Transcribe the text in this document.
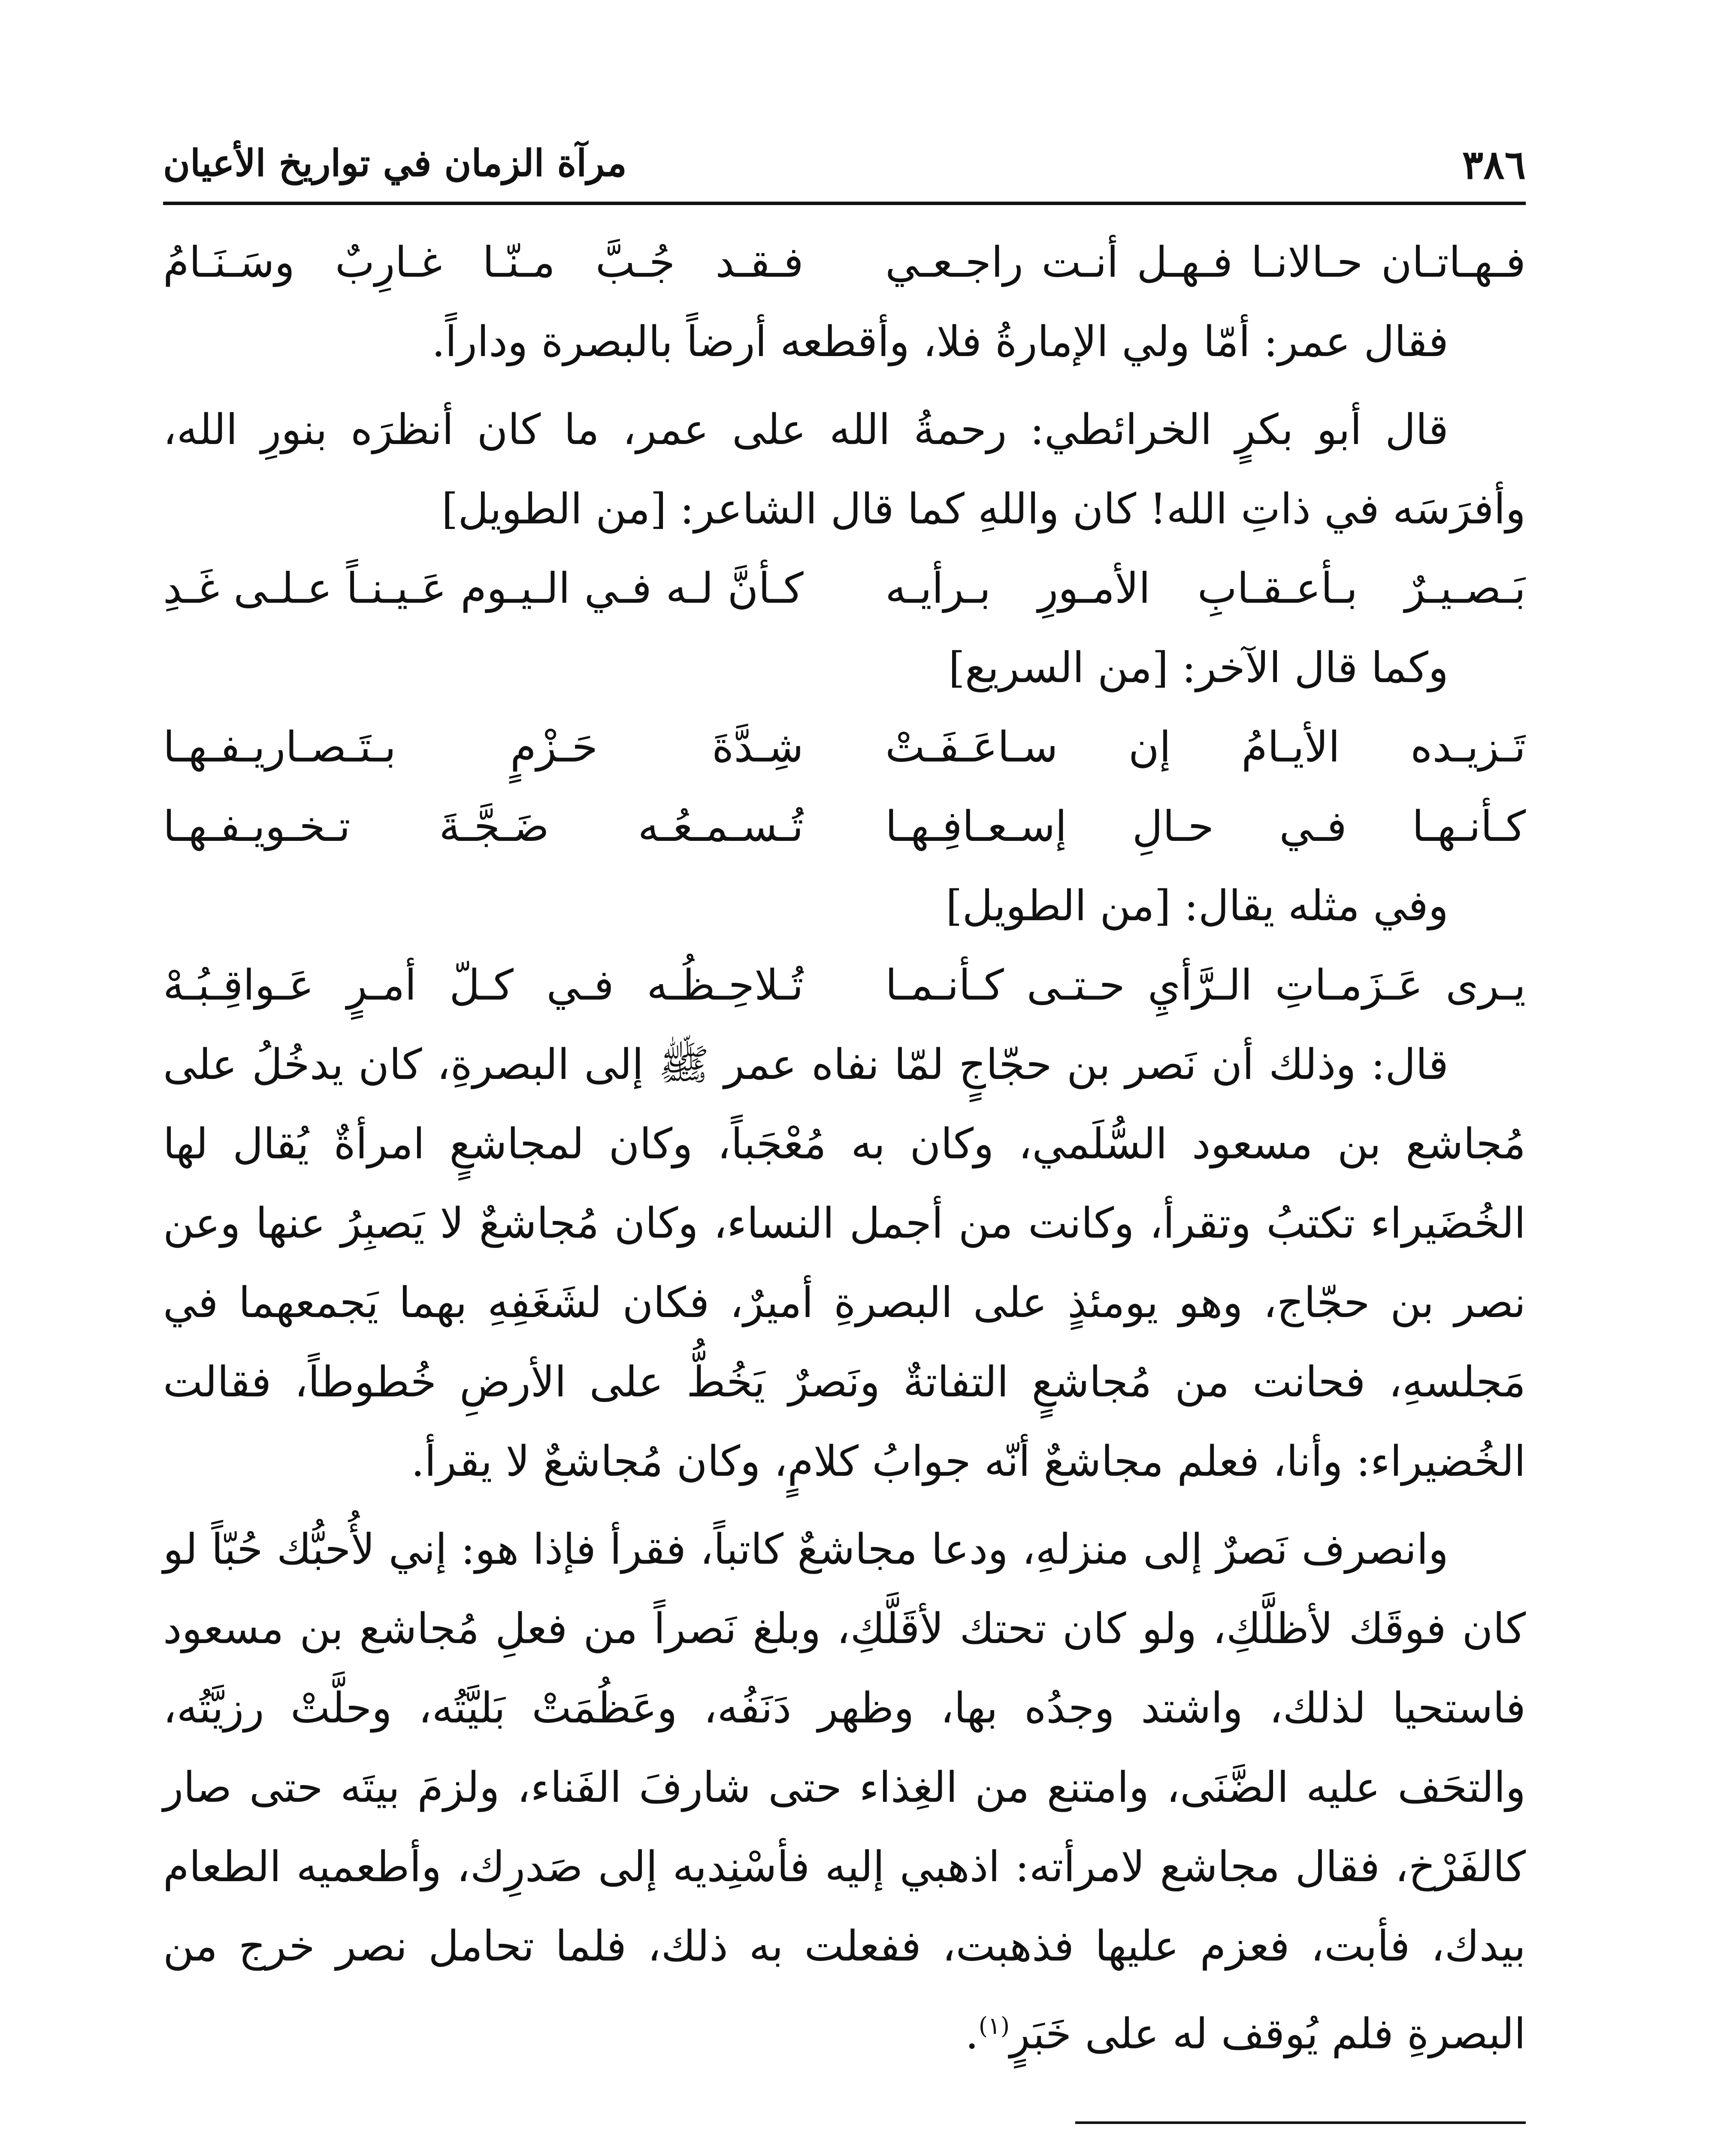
٣٨٦
مرآة الزمان في تواريخ الأعيان
فـهـاتـان حـالانـا فـهـل أنـت راجـعـي
فـقـد جُـبَّ مـنّـا غـارِبٌ وسَـنَـامُ

فقال عمر: أمّا ولي الإمارةُ فلا، وأقطعه أرضاً بالبصرة وداراً.

قال أبو بكرٍ الخرائطي: رحمةُ الله على عمر، ما كان أنظرَه بنورِ الله، وأفرَسَه في ذاتِ الله! كان واللهِ كما قال الشاعر: [من الطويل]

بَـصـيـرٌ بـأعـقـابِ الأمـورِ بـرأيـه
كـأنَّ لـه فـي الـيـوم عَـيـنـاً عـلـى غَـدِ

وكما قال الآخر: [من السريع]

تَـزيـده الأيـامُ إن سـاعَـفَـتْ
شِـدَّةَ حَـزْمٍ بـتَـصـاريـفـهـا
كـأنـهـا فـي حـالِ إسـعـافِـهـا
تُـسـمـعُـه ضَـجَّـةَ تـخـويـفـهـا

وفي مثله يقال: [من الطويل]

يـرى عَـزَمـاتِ الـرَّأيِ حـتـى كـأنـمـا
تُـلاحِـظُـه فـي كـلّ أمـرٍ عَـواقِـبُـهْ

قال: وذلك أن نَصر بن حجّاجٍ لمّا نفاه عمر ﷺ إلى البصرةِ، كان يدخُلُ على مُجاشع بن مسعود السُّلَمي، وكان به مُعْجَباً، وكان لمجاشعٍ امرأةٌ يُقال لها الخُضَيراء تكتبُ وتقرأ، وكانت من أجمل النساء، وكان مُجاشعٌ لا يَصبِرُ عنها وعن نصر بن حجّاج، وهو يومئذٍ على البصرةِ أميرٌ، فكان لشَغَفِهِ بهما يَجمعهما في مَجلسهِ، فحانت من مُجاشعٍ التفاتةٌ ونَصرٌ يَخُطُّ على الأرضِ خُطوطاً، فقالت الخُضيراء: وأنا، فعلم مجاشعٌ أنّه جوابُ كلامٍ، وكان مُجاشعٌ لا يقرأ.

وانصرف نَصرٌ إلى منزلهِ، ودعا مجاشعٌ كاتباً، فقرأ فإذا هو: إني لأُحبُّك حُبّاً لو كان فوقَك لأظلَّكِ، ولو كان تحتك لأقَلَّكِ، وبلغ نَصراً من فعلِ مُجاشع بن مسعود فاستحيا لذلك، واشتد وجدُه بها، وظهر دَنَفُه، وعَظُمَتْ بَليَّتُه، وحلَّتْ رزيَّتُه، والتحَف عليه الضَّنَى، وامتنع من الغِذاء حتى شارفَ الفَناء، ولزمَ بيتَه حتى صار كالفَرْخ، فقال مجاشع لامرأته: اذهبي إليه فأسْنِديه إلى صَدرِك، وأطعميه الطعام بيدك، فأبت، فعزم عليها فذهبت، ففعلت به ذلك، فلما تحامل نصر خرج من البصرةِ فلم يُوقف له على خَبَرٍ$^{(١)}$.
